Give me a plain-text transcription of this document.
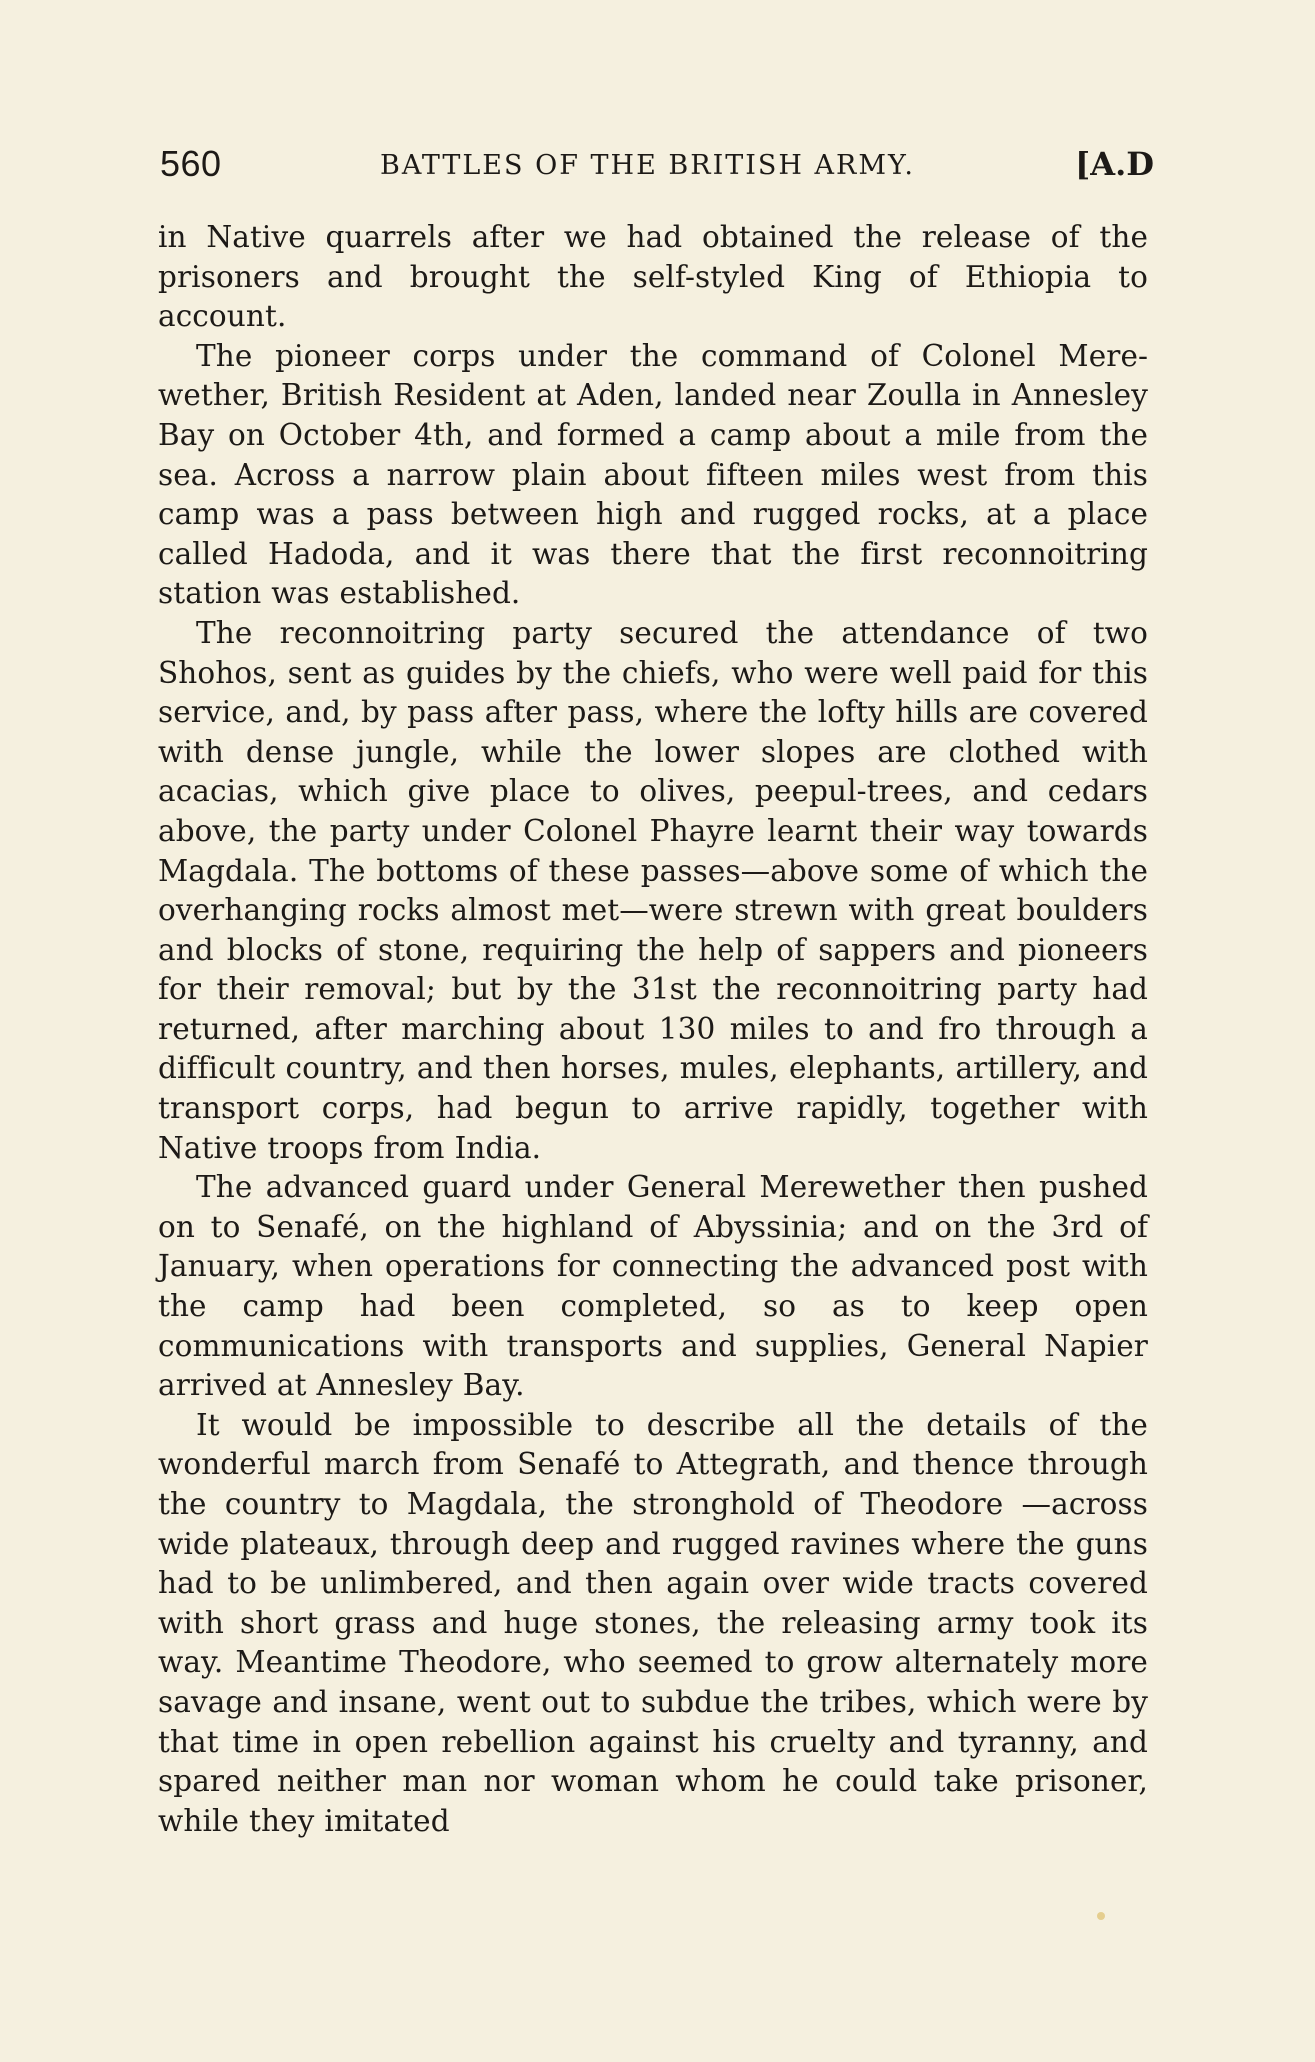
560	BATTLES OF THE BRITISH ARMY.	[A.D

in Native quarrels after we had obtained the release of the prisoners and brought the self-styled King of Ethiopia to account.

The pioneer corps under the command of Colonel Merewether, British Resident at Aden, landed near Zoulla in Annesley Bay on October 4th, and formed a camp about a mile from the sea. Across a narrow plain about fifteen miles west from this camp was a pass between high and rugged rocks, at a place called Hadoda, and it was there that the first reconnoitring station was established.

The reconnoitring party secured the attendance of two Shohos, sent as guides by the chiefs, who were well paid for this service, and, by pass after pass, where the lofty hills are covered with dense jungle, while the lower slopes are clothed with acacias, which give place to olives, peepul-trees, and cedars above, the party under Colonel Phayre learnt their way towards Magdala. The bottoms of these passes—above some of which the overhanging rocks almost met—were strewn with great boulders and blocks of stone, requiring the help of sappers and pioneers for their removal; but by the 31st the reconnoitring party had returned, after marching about 130 miles to and fro through a difficult country, and then horses, mules, elephants, artillery, and transport corps, had begun to arrive rapidly, together with Native troops from India.

The advanced guard under General Merewether then pushed on to Senafé, on the highland of Abyssinia; and on the 3rd of January, when operations for connecting the advanced post with the camp had been completed, so as to keep open communications with transports and supplies, General Napier arrived at Annesley Bay.

It would be impossible to describe all the details of the wonderful march from Senafé to Attegrath, and thence through the country to Magdala, the stronghold of Theodore —across wide plateaux, through deep and rugged ravines where the guns had to be unlimbered, and then again over wide tracts covered with short grass and huge stones, the releasing army took its way. Meantime Theodore, who seemed to grow alternately more savage and insane, went out to subdue the tribes, which were by that time in open rebellion against his cruelty and tyranny, and spared neither man nor woman whom he could take prisoner, while they imitated
